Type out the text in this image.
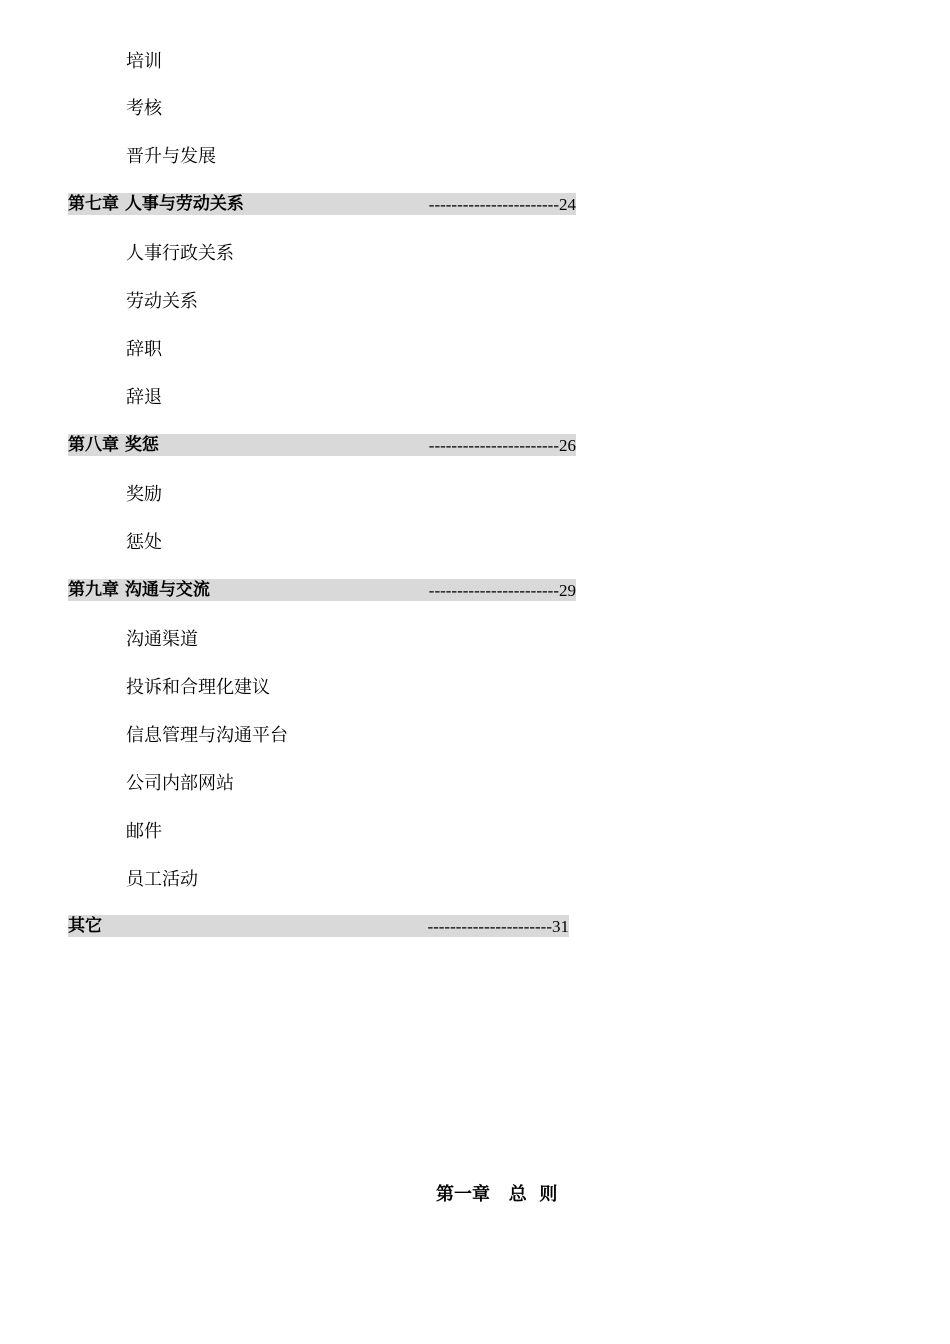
培训
考核
晋升与发展
第七章 人事与劳动关系	-----------------------24
人事行政关系
劳动关系
辞职
辞退
第八章 奖惩	-----------------------26
奖励
惩处
第九章 沟通与交流	-----------------------29
沟通渠道
投诉和合理化建议
信息管理与沟通平台
公司内部网站
邮件
员工活动
其它	----------------------31
第一章   总  则
